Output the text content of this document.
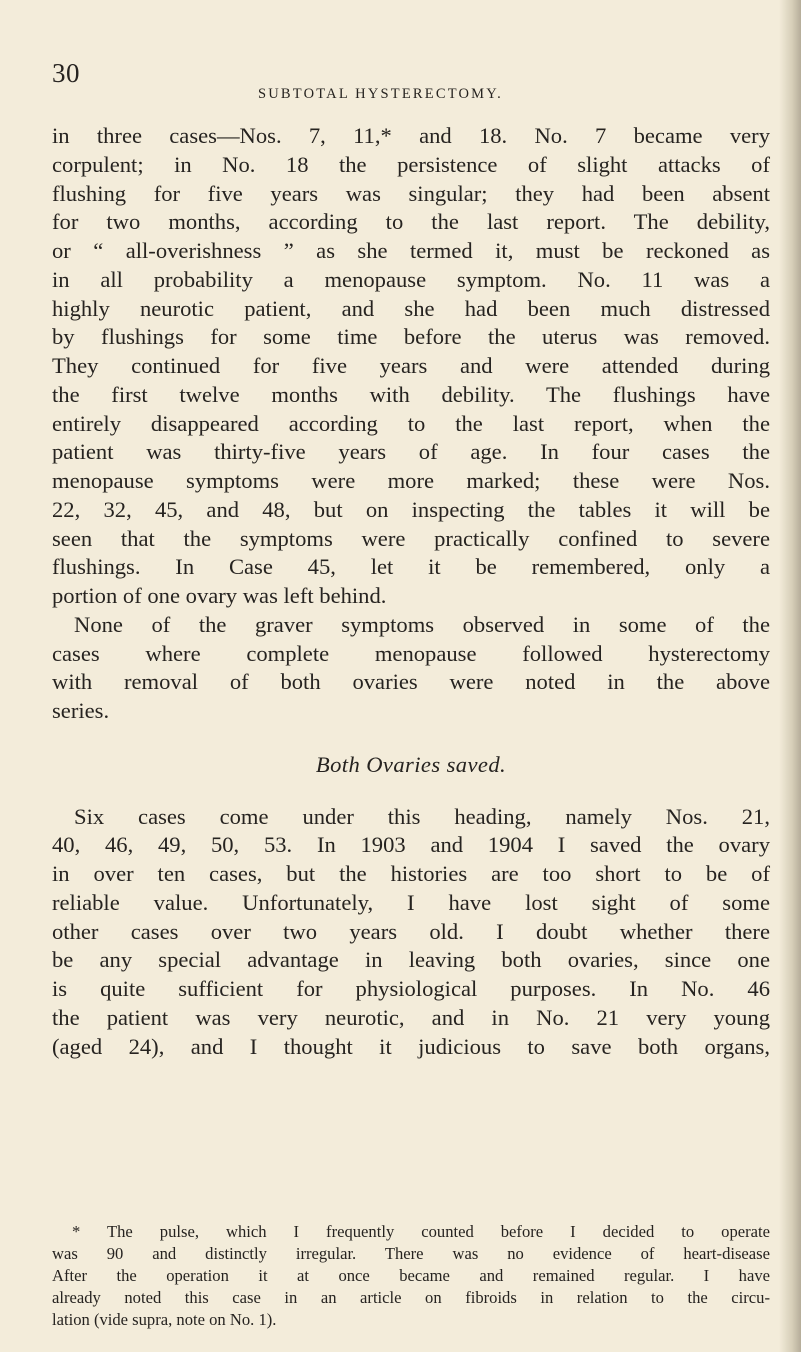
30
SUBTOTAL HYSTERECTOMY.
in three cases—Nos. 7, 11,* and 18. No. 7 became very
corpulent; in No. 18 the persistence of slight attacks of
flushing for five years was singular; they had been absent
for two months, according to the last report. The debility,
or “ all-overishness ” as she termed it, must be reckoned as
in all probability a menopause symptom. No. 11 was a
highly neurotic patient, and she had been much distressed
by flushings for some time before the uterus was removed.
They continued for five years and were attended during
the first twelve months with debility. The flushings have
entirely disappeared according to the last report, when the
patient was thirty-five years of age. In four cases the
menopause symptoms were more marked; these were Nos.
22, 32, 45, and 48, but on inspecting the tables it will be
seen that the symptoms were practically confined to severe
flushings. In Case 45, let it be remembered, only a
portion of one ovary was left behind.
None of the graver symptoms observed in some of the
cases where complete menopause followed hysterectomy
with removal of both ovaries were noted in the above
series.
Both Ovaries saved.
Six cases come under this heading, namely Nos. 21,
40, 46, 49, 50, 53. In 1903 and 1904 I saved the ovary
in over ten cases, but the histories are too short to be of
reliable value. Unfortunately, I have lost sight of some
other cases over two years old. I doubt whether there
be any special advantage in leaving both ovaries, since one
is quite sufficient for physiological purposes. In No. 46
the patient was very neurotic, and in No. 21 very young
(aged 24), and I thought it judicious to save both organs,
* The pulse, which I frequently counted before I decided to operate
was 90 and distinctly irregular. There was no evidence of heart-disease
After the operation it at once became and remained regular. I have
already noted this case in an article on fibroids in relation to the circu-
lation (vide supra, note on No. 1).
